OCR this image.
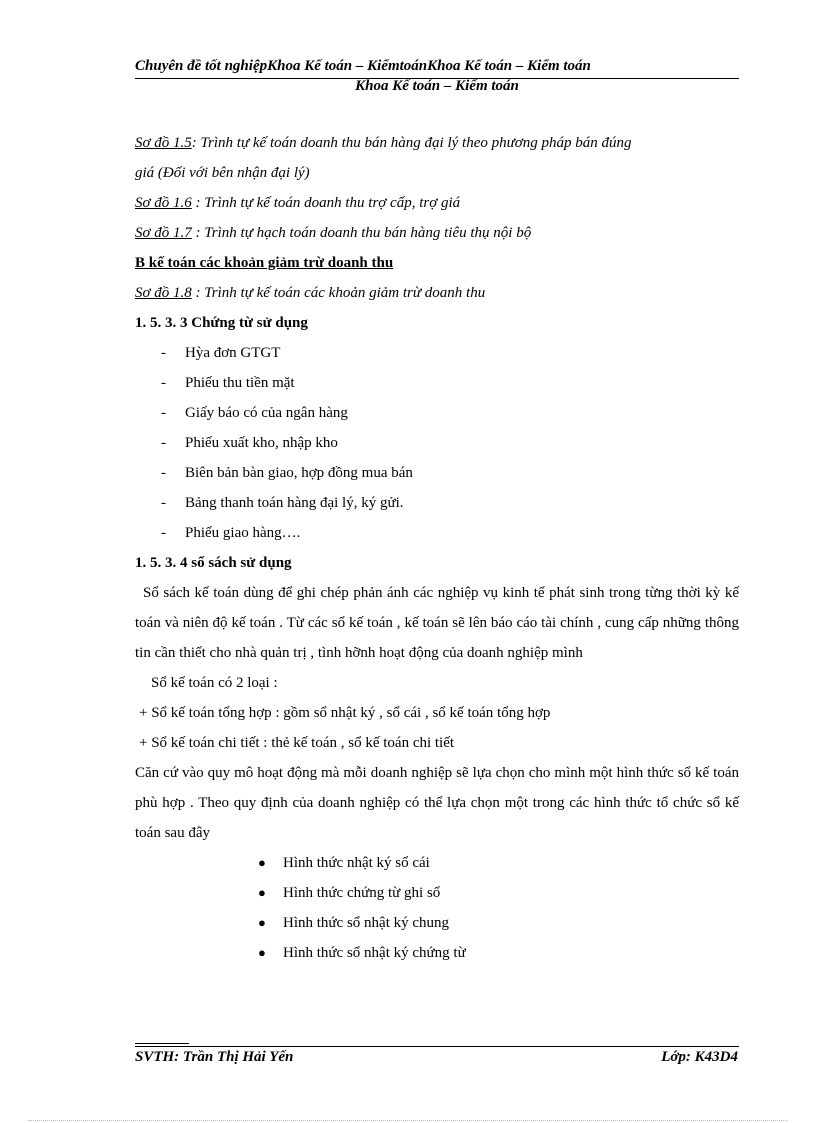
Chuyên đề tốt nghiệpKhoa Kế toán – KiểmtoánKhoa Kế toán – Kiểm toán
Khoa Kế toán – Kiểm toán
Sơ đồ 1.5: Trình tự kế toán doanh thu bán hàng đại lý theo phương pháp bán đúng
giá (Đối với bên nhận đại lý)
Sơ đồ 1.6 : Trình tự kế toán doanh thu trợ cấp, trợ giá
Sơ đồ 1.7 : Trình tự hạch toán doanh thu bán hàng tiêu thụ nội bộ
B kế toán các khoản giảm trừ doanh thu
Sơ đồ 1.8 : Trình tự kế toán các khoản giảm trừ doanh thu
1. 5. 3. 3 Chứng từ sử dụng
- Hỳa đơn GTGT
- Phiếu thu tiền mặt
- Giấy báo có của ngân hàng
- Phiếu xuất kho, nhập kho
- Biên bản bàn giao, hợp đồng mua bán
- Bảng thanh toán hàng đại lý, ký gửi.
- Phiếu giao hàng….
1. 5. 3. 4 sổ sách sử dụng
Sổ sách kế toán dùng để ghi chép phản ánh các nghiệp vụ kinh tế phát sinh trong từng thời kỳ kế toán và niên độ kế toán . Từ các sổ kế toán , kế toán sẽ lên báo cáo tài chính , cung cấp những thông tin cần thiết cho nhà quản trị , tình hỡnh hoạt động của doanh nghiệp mình
Sổ kế toán có 2 loại :
+ Sổ kế toán tổng hợp : gồm sổ nhật ký , sổ cái , sổ kế toán tổng hợp
+ Sổ kế toán chi tiết : thẻ kế toán , sổ kế toán chi tiết
Căn cứ vào quy mô hoạt động mà mỗi doanh nghiệp sẽ lựa chọn cho mình một hình thức sổ kế toán phù hợp . Theo quy định của doanh nghiệp có thể lựa chọn một trong các hình thức tổ chức sổ kế toán sau đây
● Hình thức nhật ký sổ cái
● Hình thức chứng từ ghi sổ
● Hình thức sổ nhật ký chung
● Hình thức sổ nhật ký chứng từ
SVTH: Trần Thị Hải Yến	Lớp: K43D4
